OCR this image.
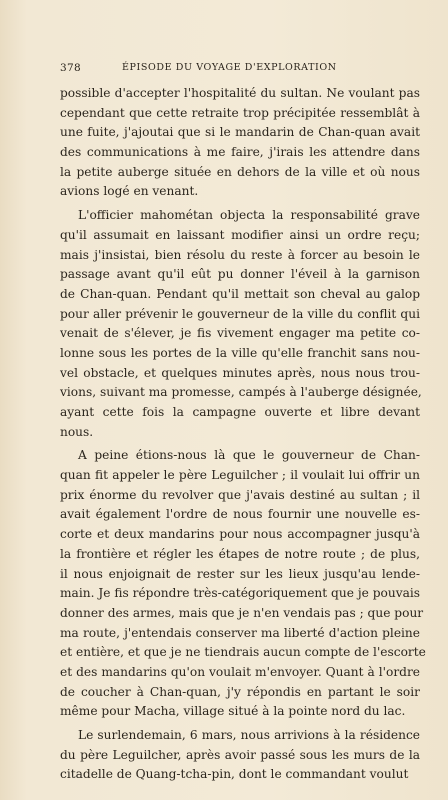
378	ÉPISODE DU VOYAGE D'EXPLORATION
possible d'accepter l'hospitalité du sultan. Ne voulant pas
cependant que cette retraite trop précipitée ressemblât à
une fuite, j'ajoutai que si le mandarin de Chan-quan avait
des communications à me faire, j'irais les attendre dans
la petite auberge située en dehors de la ville et où nous
avions logé en venant.
L'officier mahométan objecta la responsabilité grave
qu'il assumait en laissant modifier ainsi un ordre reçu;
mais j'insistai, bien résolu du reste à forcer au besoin le
passage avant qu'il eût pu donner l'éveil à la garnison
de Chan-quan. Pendant qu'il mettait son cheval au galop
pour aller prévenir le gouverneur de la ville du conflit qui
venait de s'élever, je fis vivement engager ma petite co-
lonne sous les portes de la ville qu'elle franchit sans nou-
vel obstacle, et quelques minutes après, nous nous trou-
vions, suivant ma promesse, campés à l'auberge désignée,
ayant cette fois la campagne ouverte et libre devant
nous.
A peine étions-nous là que le gouverneur de Chan-
quan fit appeler le père Leguilcher ; il voulait lui offrir un
prix énorme du revolver que j'avais destiné au sultan ; il
avait également l'ordre de nous fournir une nouvelle es-
corte et deux mandarins pour nous accompagner jusqu'à
la frontière et régler les étapes de notre route ; de plus,
il nous enjoignait de rester sur les lieux jusqu'au lende-
main. Je fis répondre très-catégoriquement que je pouvais
donner des armes, mais que je n'en vendais pas ; que pour
ma route, j'entendais conserver ma liberté d'action pleine
et entière, et que je ne tiendrais aucun compte de l'escorte
et des mandarins qu'on voulait m'envoyer. Quant à l'ordre
de coucher à Chan-quan, j'y répondis en partant le soir
même pour Macha, village situé à la pointe nord du lac.
Le surlendemain, 6 mars, nous arrivions à la résidence
du père Leguilcher, après avoir passé sous les murs de la
citadelle de Quang-tcha-pin, dont le commandant voulut
